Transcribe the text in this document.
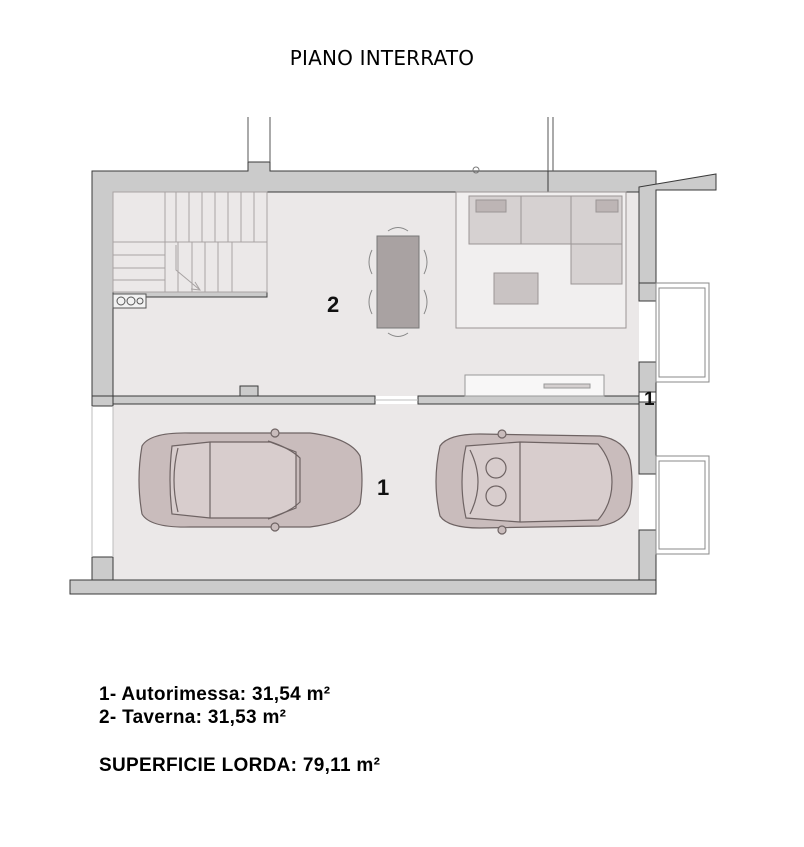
PIANO INTERRATO
2
1
1
1- Autorimessa: 31,54 m²
2- Taverna: 31,53 m²
SUPERFICIE LORDA: 79,11 m²
